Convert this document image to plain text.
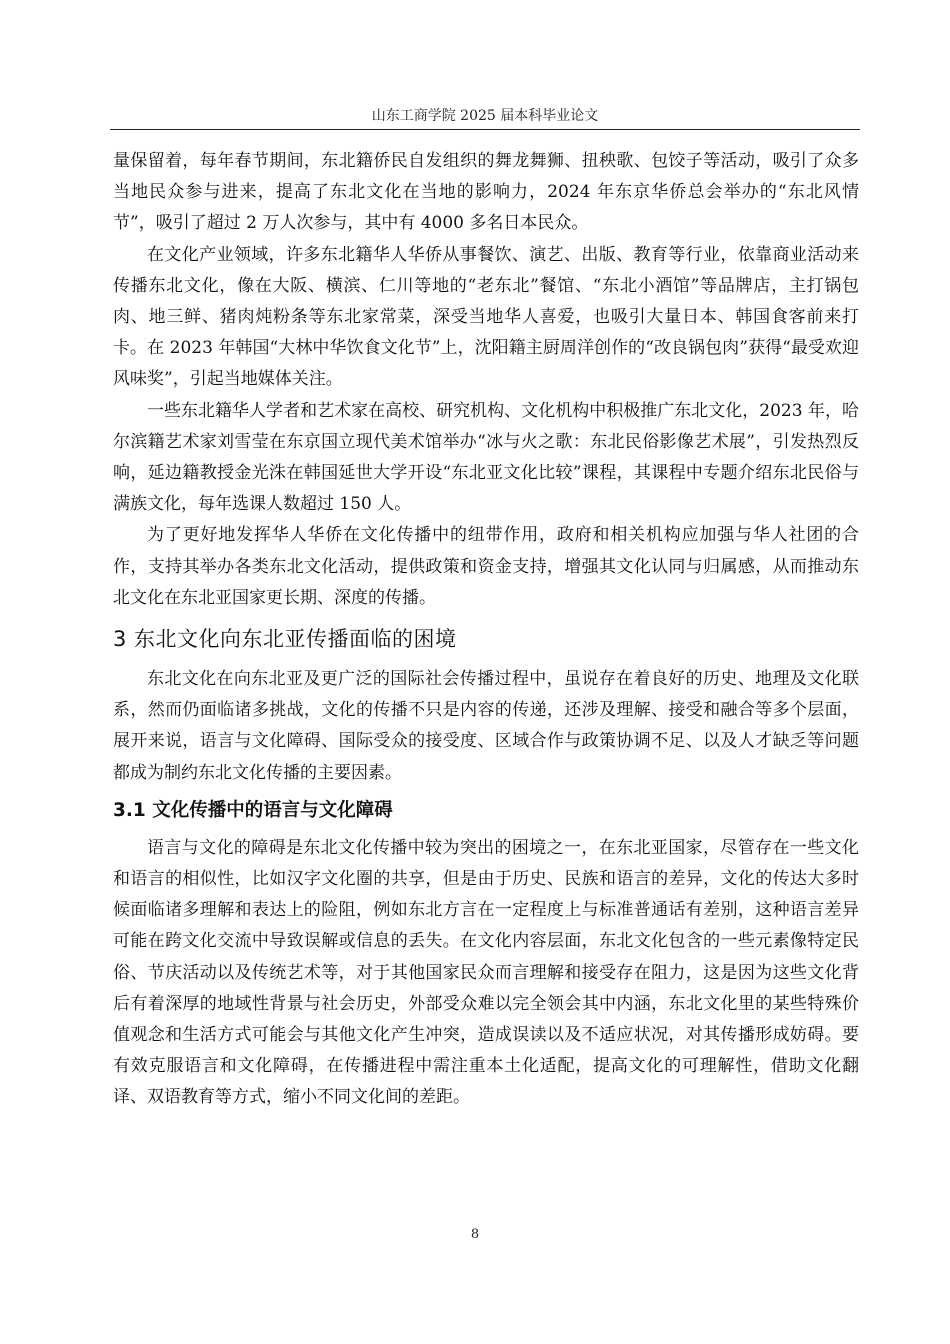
山东工商学院 2025 届本科毕业论文

量保留着，每年春节期间，东北籍侨民自发组织的舞龙舞狮、扭秧歌、包饺子等活动，吸引了众多当地民众参与进来，提高了东北文化在当地的影响力，2024 年东京华侨总会举办的“东北风情节”，吸引了超过 2 万人次参与，其中有 4000 多名日本民众。

在文化产业领域，许多东北籍华人华侨从事餐饮、演艺、出版、教育等行业，依靠商业活动来传播东北文化，像在大阪、横滨、仁川等地的“老东北”餐馆、“东北小酒馆”等品牌店，主打锅包肉、地三鲜、猪肉炖粉条等东北家常菜，深受当地华人喜爱，也吸引大量日本、韩国食客前来打卡。在 2023 年韩国“大林中华饮食文化节”上，沈阳籍主厨周洋创作的“改良锅包肉”获得“最受欢迎风味奖”，引起当地媒体关注。

一些东北籍华人学者和艺术家在高校、研究机构、文化机构中积极推广东北文化，2023 年，哈尔滨籍艺术家刘雪莹在东京国立现代美术馆举办“冰与火之歌：东北民俗影像艺术展”，引发热烈反响，延边籍教授金光洙在韩国延世大学开设“东北亚文化比较”课程，其课程中专题介绍东北民俗与满族文化，每年选课人数超过 150 人。

为了更好地发挥华人华侨在文化传播中的纽带作用，政府和相关机构应加强与华人社团的合作，支持其举办各类东北文化活动，提供政策和资金支持，增强其文化认同与归属感，从而推动东北文化在东北亚国家更长期、深度的传播。

3 东北文化向东北亚传播面临的困境

东北文化在向东北亚及更广泛的国际社会传播过程中，虽说存在着良好的历史、地理及文化联系，然而仍面临诸多挑战，文化的传播不只是内容的传递，还涉及理解、接受和融合等多个层面，展开来说，语言与文化障碍、国际受众的接受度、区域合作与政策协调不足、以及人才缺乏等问题都成为制约东北文化传播的主要因素。

3.1 文化传播中的语言与文化障碍

语言与文化的障碍是东北文化传播中较为突出的困境之一，在东北亚国家，尽管存在一些文化和语言的相似性，比如汉字文化圈的共享，但是由于历史、民族和语言的差异，文化的传达大多时候面临诸多理解和表达上的险阻，例如东北方言在一定程度上与标准普通话有差别，这种语言差异可能在跨文化交流中导致误解或信息的丢失。在文化内容层面，东北文化包含的一些元素像特定民俗、节庆活动以及传统艺术等，对于其他国家民众而言理解和接受存在阻力，这是因为这些文化背后有着深厚的地域性背景与社会历史，外部受众难以完全领会其中内涵，东北文化里的某些特殊价值观念和生活方式可能会与其他文化产生冲突，造成误读以及不适应状况，对其传播形成妨碍。要有效克服语言和文化障碍，在传播进程中需注重本土化适配，提高文化的可理解性，借助文化翻译、双语教育等方式，缩小不同文化间的差距。

8
